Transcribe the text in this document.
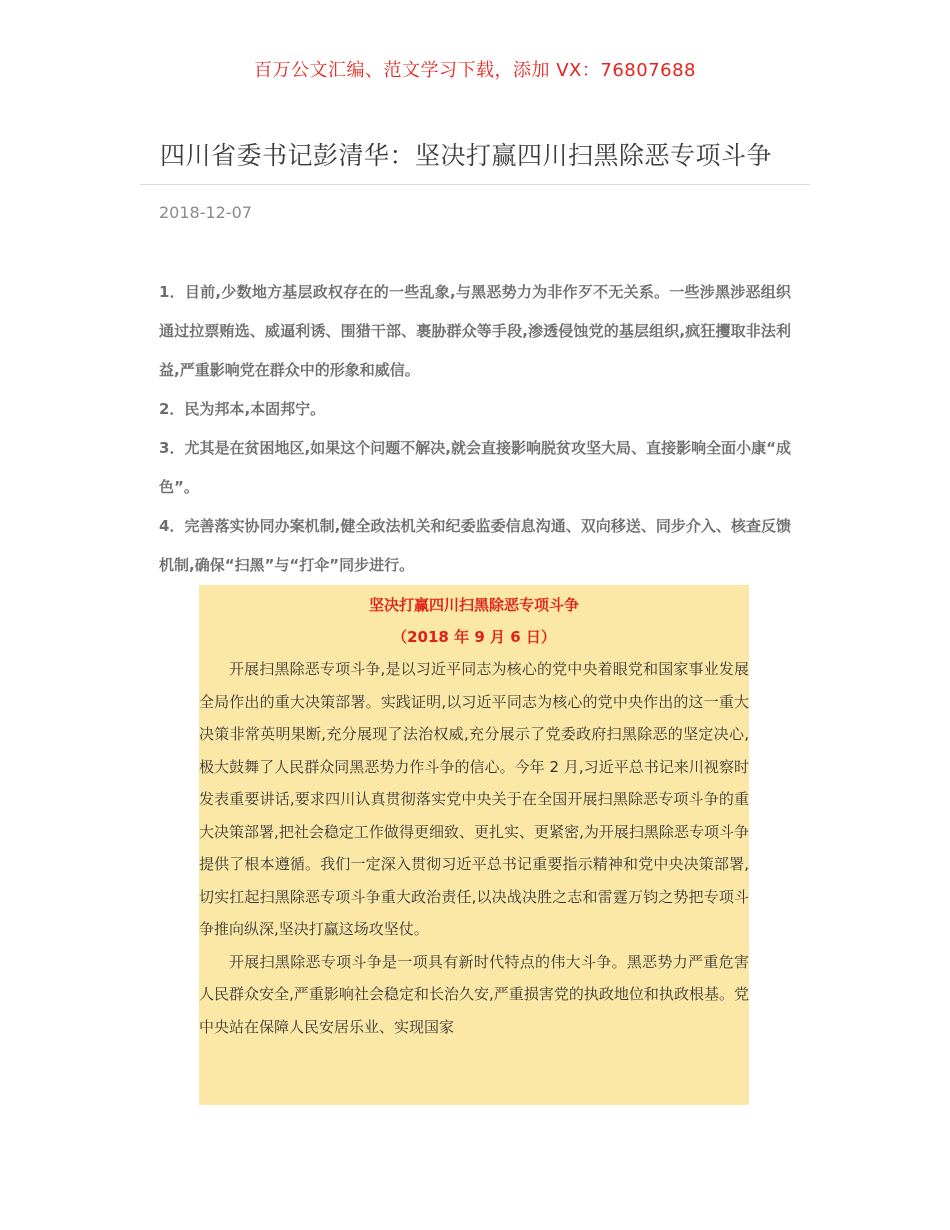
百万公文汇编、范文学习下载，添加 VX：76807688
四川省委书记彭清华：坚决打赢四川扫黑除恶专项斗争
2018-12-07

1．目前,少数地方基层政权存在的一些乱象,与黑恶势力为非作歹不无关系。一些涉黑涉恶组织通过拉票贿选、威逼利诱、围猎干部、裹胁群众等手段,渗透侵蚀党的基层组织,疯狂攫取非法利益,严重影响党在群众中的形象和威信。

2．民为邦本,本固邦宁。

3．尤其是在贫困地区,如果这个问题不解决,就会直接影响脱贫攻坚大局、直接影响全面小康“成色”。

4．完善落实协同办案机制,健全政法机关和纪委监委信息沟通、双向移送、同步介入、核查反馈机制,确保“扫黑”与“打伞”同步进行。

坚决打赢四川扫黑除恶专项斗争
（2018 年 9 月 6 日）

开展扫黑除恶专项斗争,是以习近平同志为核心的党中央着眼党和国家事业发展全局作出的重大决策部署。实践证明,以习近平同志为核心的党中央作出的这一重大决策非常英明果断,充分展现了法治权威,充分展示了党委政府扫黑除恶的坚定决心,极大鼓舞了人民群众同黑恶势力作斗争的信心。今年 2 月,习近平总书记来川视察时发表重要讲话,要求四川认真贯彻落实党中央关于在全国开展扫黑除恶专项斗争的重大决策部署,把社会稳定工作做得更细致、更扎实、更紧密,为开展扫黑除恶专项斗争提供了根本遵循。我们一定深入贯彻习近平总书记重要指示精神和党中央决策部署,切实扛起扫黑除恶专项斗争重大政治责任,以决战决胜之志和雷霆万钧之势把专项斗争推向纵深,坚决打赢这场攻坚仗。

开展扫黑除恶专项斗争是一项具有新时代特点的伟大斗争。黑恶势力严重危害人民群众安全,严重影响社会稳定和长治久安,严重损害党的执政地位和执政根基。党中央站在保障人民安居乐业、实现国家
